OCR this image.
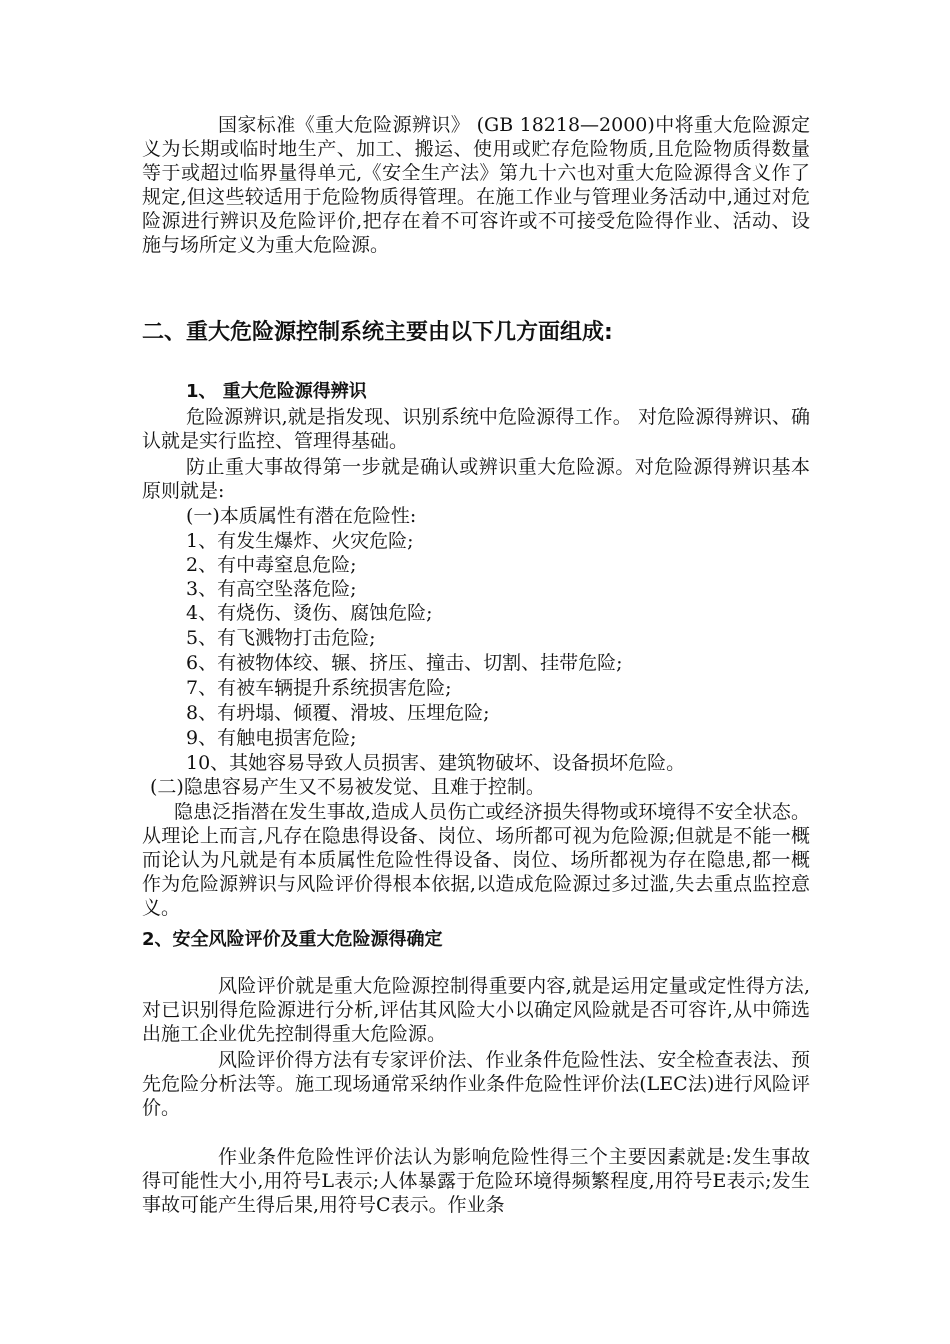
国家标准《重大危险源辨识》 (GB 18218—2000)中将重大危险源定义为长期或临时地生产、加工、搬运、使用或贮存危险物质,且危险物质得数量等于或超过临界量得单元,《安全生产法》第九十六也对重大危险源得含义作了规定,但这些较适用于危险物质得管理。在施工作业与管理业务活动中,通过对危险源进行辨识及危险评价,把存在着不可容许或不可接受危险得作业、活动、设施与场所定义为重大危险源。

二、重大危险源控制系统主要由以下几方面组成:
1、 重大危险源得辨识

危险源辨识,就是指发现、识别系统中危险源得工作。 对危险源得辨识、确认就是实行监控、管理得基础。

防止重大事故得第一步就是确认或辨识重大危险源。对危险源得辨识基本原则就是:

(一)本质属性有潜在危险性:

1、有发生爆炸、火灾危险;

2、有中毒窒息危险;

3、有高空坠落危险;

4、有烧伤、烫伤、腐蚀危险;

5、有飞溅物打击危险;

6、有被物体绞、辗、挤压、撞击、切割、挂带危险;

7、有被车辆提升系统损害危险;

8、有坍塌、倾覆、滑坡、压埋危险;

9、有触电损害危险;

10、其她容易导致人员损害、建筑物破坏、设备损坏危险。

(二)隐患容易产生又不易被发觉、且难于控制。

隐患泛指潜在发生事故,造成人员伤亡或经济损失得物或环境得不安全状态。从理论上而言,凡存在隐患得设备、岗位、场所都可视为危险源;但就是不能一概而论认为凡就是有本质属性危险性得设备、岗位、场所都视为存在隐患,都一概作为危险源辨识与风险评价得根本依据,以造成危险源过多过滥,失去重点监控意义。

2、安全风险评价及重大危险源得确定

风险评价就是重大危险源控制得重要内容,就是运用定量或定性得方法,对已识别得危险源进行分析,评估其风险大小以确定风险就是否可容许,从中筛选出施工企业优先控制得重大危险源。

风险评价得方法有专家评价法、作业条件危险性法、安全检查表法、预先危险分析法等。施工现场通常采纳作业条件危险性评价法(LEC法)进行风险评价。

作业条件危险性评价法认为影响危险性得三个主要因素就是:发生事故得可能性大小,用符号L表示;人体暴露于危险环境得频繁程度,用符号E表示;发生事故可能产生得后果,用符号C表示。作业条
